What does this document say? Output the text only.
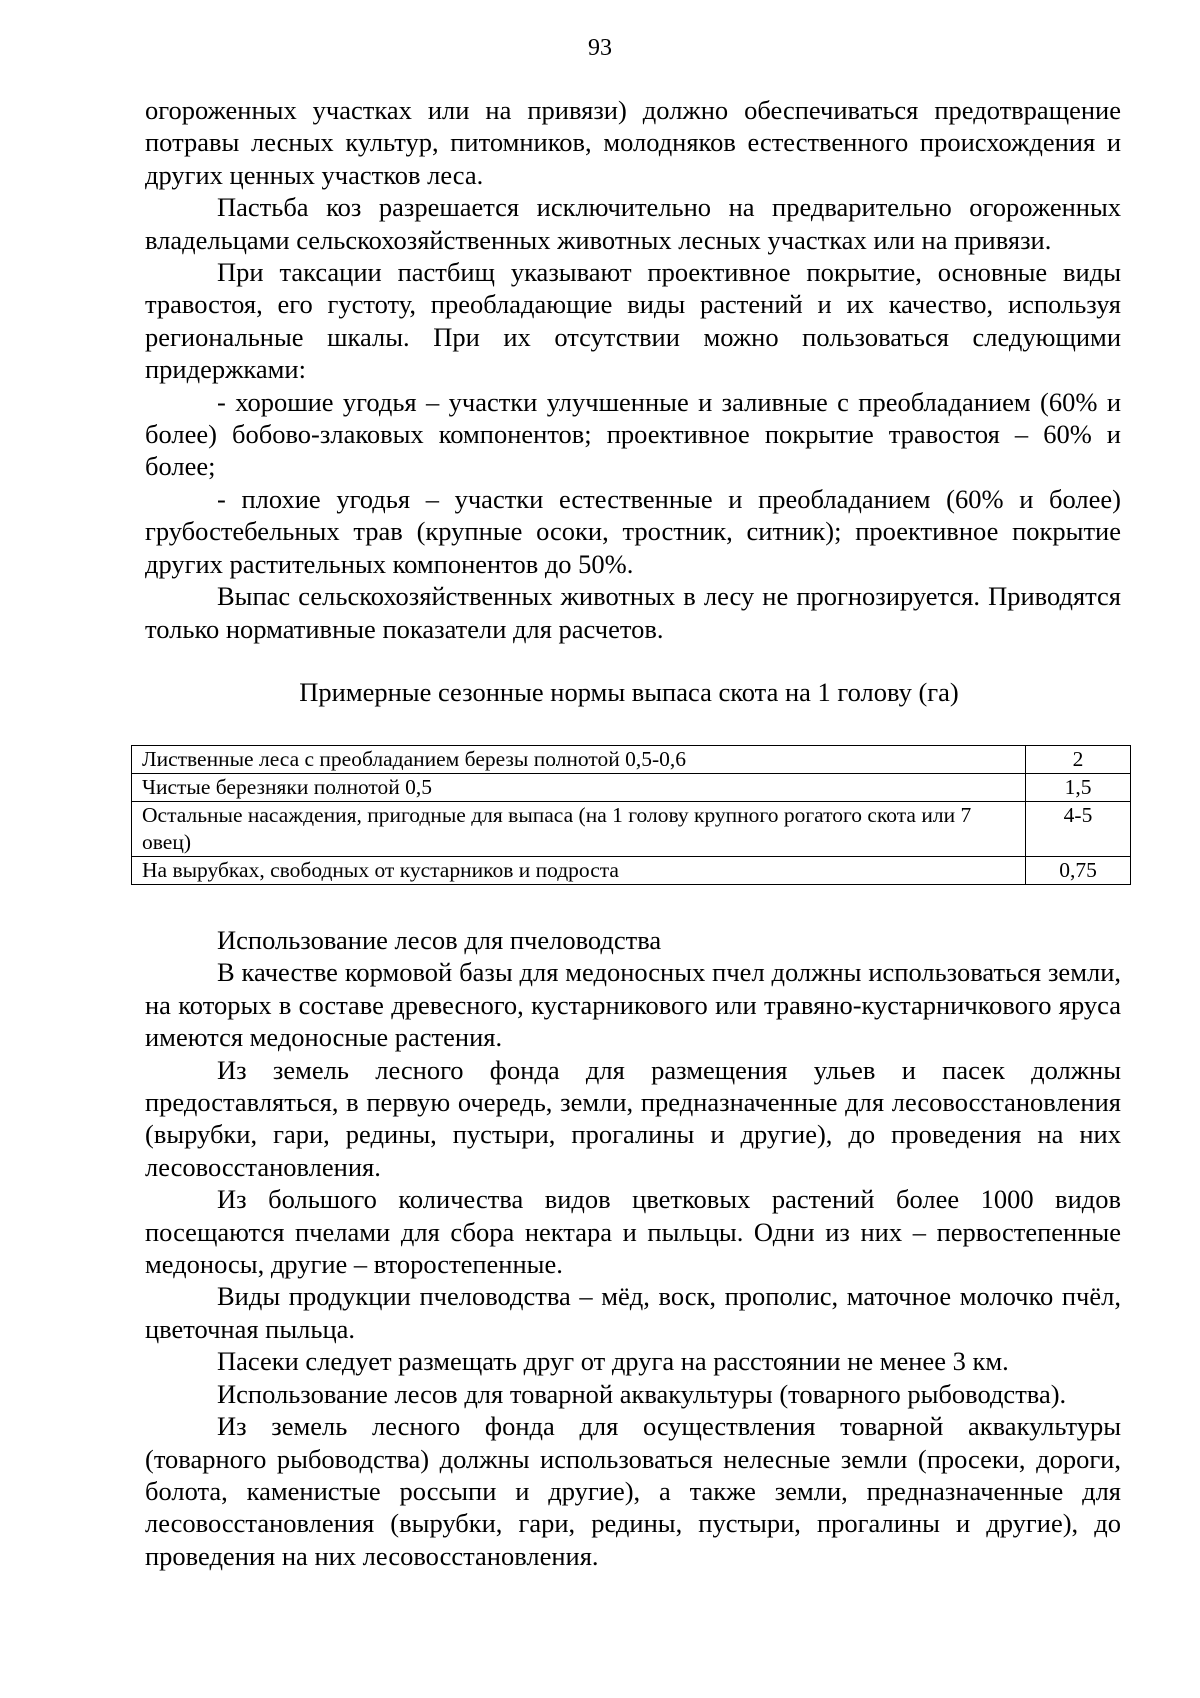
93

огороженных участках или на привязи) должно обеспечиваться предотвращение потравы лесных культур, питомников, молодняков естественного происхождения и других ценных участков леса.

Пастьба коз разрешается исключительно на предварительно огороженных владельцами сельскохозяйственных животных лесных участках или на привязи.

При таксации пастбищ указывают проективное покрытие, основные виды травостоя, его густоту, преобладающие виды растений и их качество, используя региональные шкалы. При их отсутствии можно пользоваться следующими придержками:

- хорошие угодья – участки улучшенные и заливные с преобладанием (60% и более) бобово-злаковых компонентов; проективное покрытие травостоя – 60% и более;

- плохие угодья – участки естественные и преобладанием (60% и более) грубостебельных трав (крупные осоки, тростник, ситник); проективное покрытие других растительных компонентов до 50%.

Выпас сельскохозяйственных животных в лесу не прогнозируется. Приводятся только нормативные показатели для расчетов.

Примерные сезонные нормы выпаса скота на 1 голову (га)
Лиственные леса с преобладанием березы полнотой 0,5-0,6	2
Чистые березняки полнотой 0,5	1,5
Остальные насаждения, пригодные для выпаса (на 1 голову крупного рогатого скота или 7 овец)	4-5
На вырубках, свободных от кустарников и подроста	0,75

Использование лесов для пчеловодства

В качестве кормовой базы для медоносных пчел должны использоваться земли, на которых в составе древесного, кустарникового или травяно-кустарничкового яруса имеются медоносные растения.

Из земель лесного фонда для размещения ульев и пасек должны предоставляться, в первую очередь, земли, предназначенные для лесовосстановления (вырубки, гари, редины, пустыри, прогалины и другие), до проведения на них лесовосстановления.

Из большого количества видов цветковых растений более 1000 видов посещаются пчелами для сбора нектара и пыльцы. Одни из них – первостепенные медоносы, другие – второстепенные.

Виды продукции пчеловодства – мёд, воск, прополис, маточное молочко пчёл, цветочная пыльца.

Пасеки следует размещать друг от друга на расстоянии не менее 3 км.

Использование лесов для товарной аквакультуры (товарного рыбоводства).

Из земель лесного фонда для осуществления товарной аквакультуры (товарного рыбоводства) должны использоваться нелесные земли (просеки, дороги, болота, каменистые россыпи и другие), а также земли, предназначенные для лесовосстановления (вырубки, гари, редины, пустыри, прогалины и другие), до проведения на них лесовосстановления.
